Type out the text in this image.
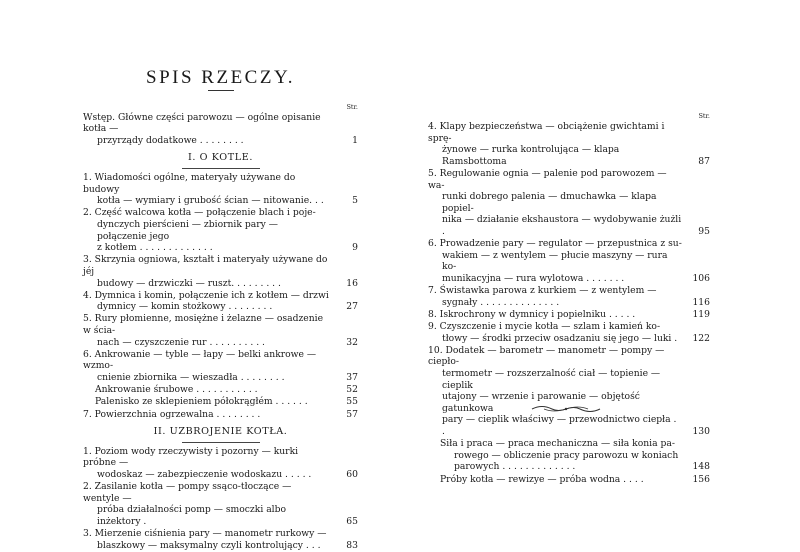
SPIS RZECZY.
Str.
Wstęp. Główne części parowozu — ogólne opisanie kotła —
przyrządy dodatkowe . . . . . . . .	1
I. O KOTLE.
1. Wiadomości ogólne, materyały używane do budowy
kotła — wymiary i grubość ścian — nitowanie. . .	5
2. Część walcowa kotła — połączenie blach i poje-
dynczych pierścieni — zbiornik pary — połączenie jego
z kotłem . . . . . . . . . . . . .	9
3. Skrzynia ogniowa, kształt i materyały używane do jéj
budowy — drzwiczki — ruszt. . . . . . . . .	16
4. Dymnica i komin, połączenie ich z kotłem — drzwi
dymnicy — komin stożkowy . . . . . . . .	27
5. Rury płomienne, mosiężne i żelazne — osadzenie w ścia-
nach — czyszczenie rur . . . . . . . . . .	32
6. Ankrowanie — tyble — łapy — belki ankrowe — wzmo-
cnienie zbiornika — wieszadła . . . . . . . .	37
Ankrowanie śrubowe . . . . . . . . . . .	52
Palenisko ze sklepieniem półokrągłém . . . . . .	55
7. Powierzchnia ogrzewalna . . . . . . . .	57
II. UZBROJENIE KOTŁA.
1. Poziom wody rzeczywisty i pozorny — kurki próbne —
wodoskaz — zabezpieczenie wodoskazu . . . . .	60
2. Zasilanie kotła — pompy ssąco-tłoczące — wentyle —
próba działalności pomp — smoczki albo inżektory .	65
3. Mierzenie ciśnienia pary — manometr rurkowy —
blaszkowy — maksymalny czyli kontrolujący . . .	83
Str.
4. Klapy bezpieczeństwa — obciążenie gwichtami i sprę-
żynowe — rurka kontrolująca — klapa Ramsbottoma	87
5. Regulowanie ognia — palenie pod parowozem — wa-
runki dobrego palenia — dmuchawka — klapa popiel-
nika — działanie ekshaustora — wydobywanie żużli .	95
6. Prowadzenie pary — regulator — przepustnica z su-
wakiem — z wentylem — płucie maszyny — rura ko-
munikacyjna — rura wylotowa . . . . . . .	106
7. Świstawka parowa z kurkiem — z wentylem —
sygnały . . . . . . . . . . . . . .	116
8. Iskrochrony w dymnicy i popielniku . . . . .	119
9. Czyszczenie i mycie kotła — szlam i kamień ko-
tłowy — środki przeciw osadzaniu się jego — luki .	122
10. Dodatek — barometr — manometr — pompy — ciepło-
termometr — rozszerzalność ciał — topienie — cieplik
utajony — wrzenie i parowanie — objętość gatunkowa
pary — cieplik właściwy — przewodnictwo ciepła . .	130
Siła i praca — praca mechaniczna — siła konia pa-
rowego — obliczenie pracy parowozu w koniach
parowych . . . . . . . . . . . . .	148
Próby kotła — rewizye — próba wodna . . . .	156
